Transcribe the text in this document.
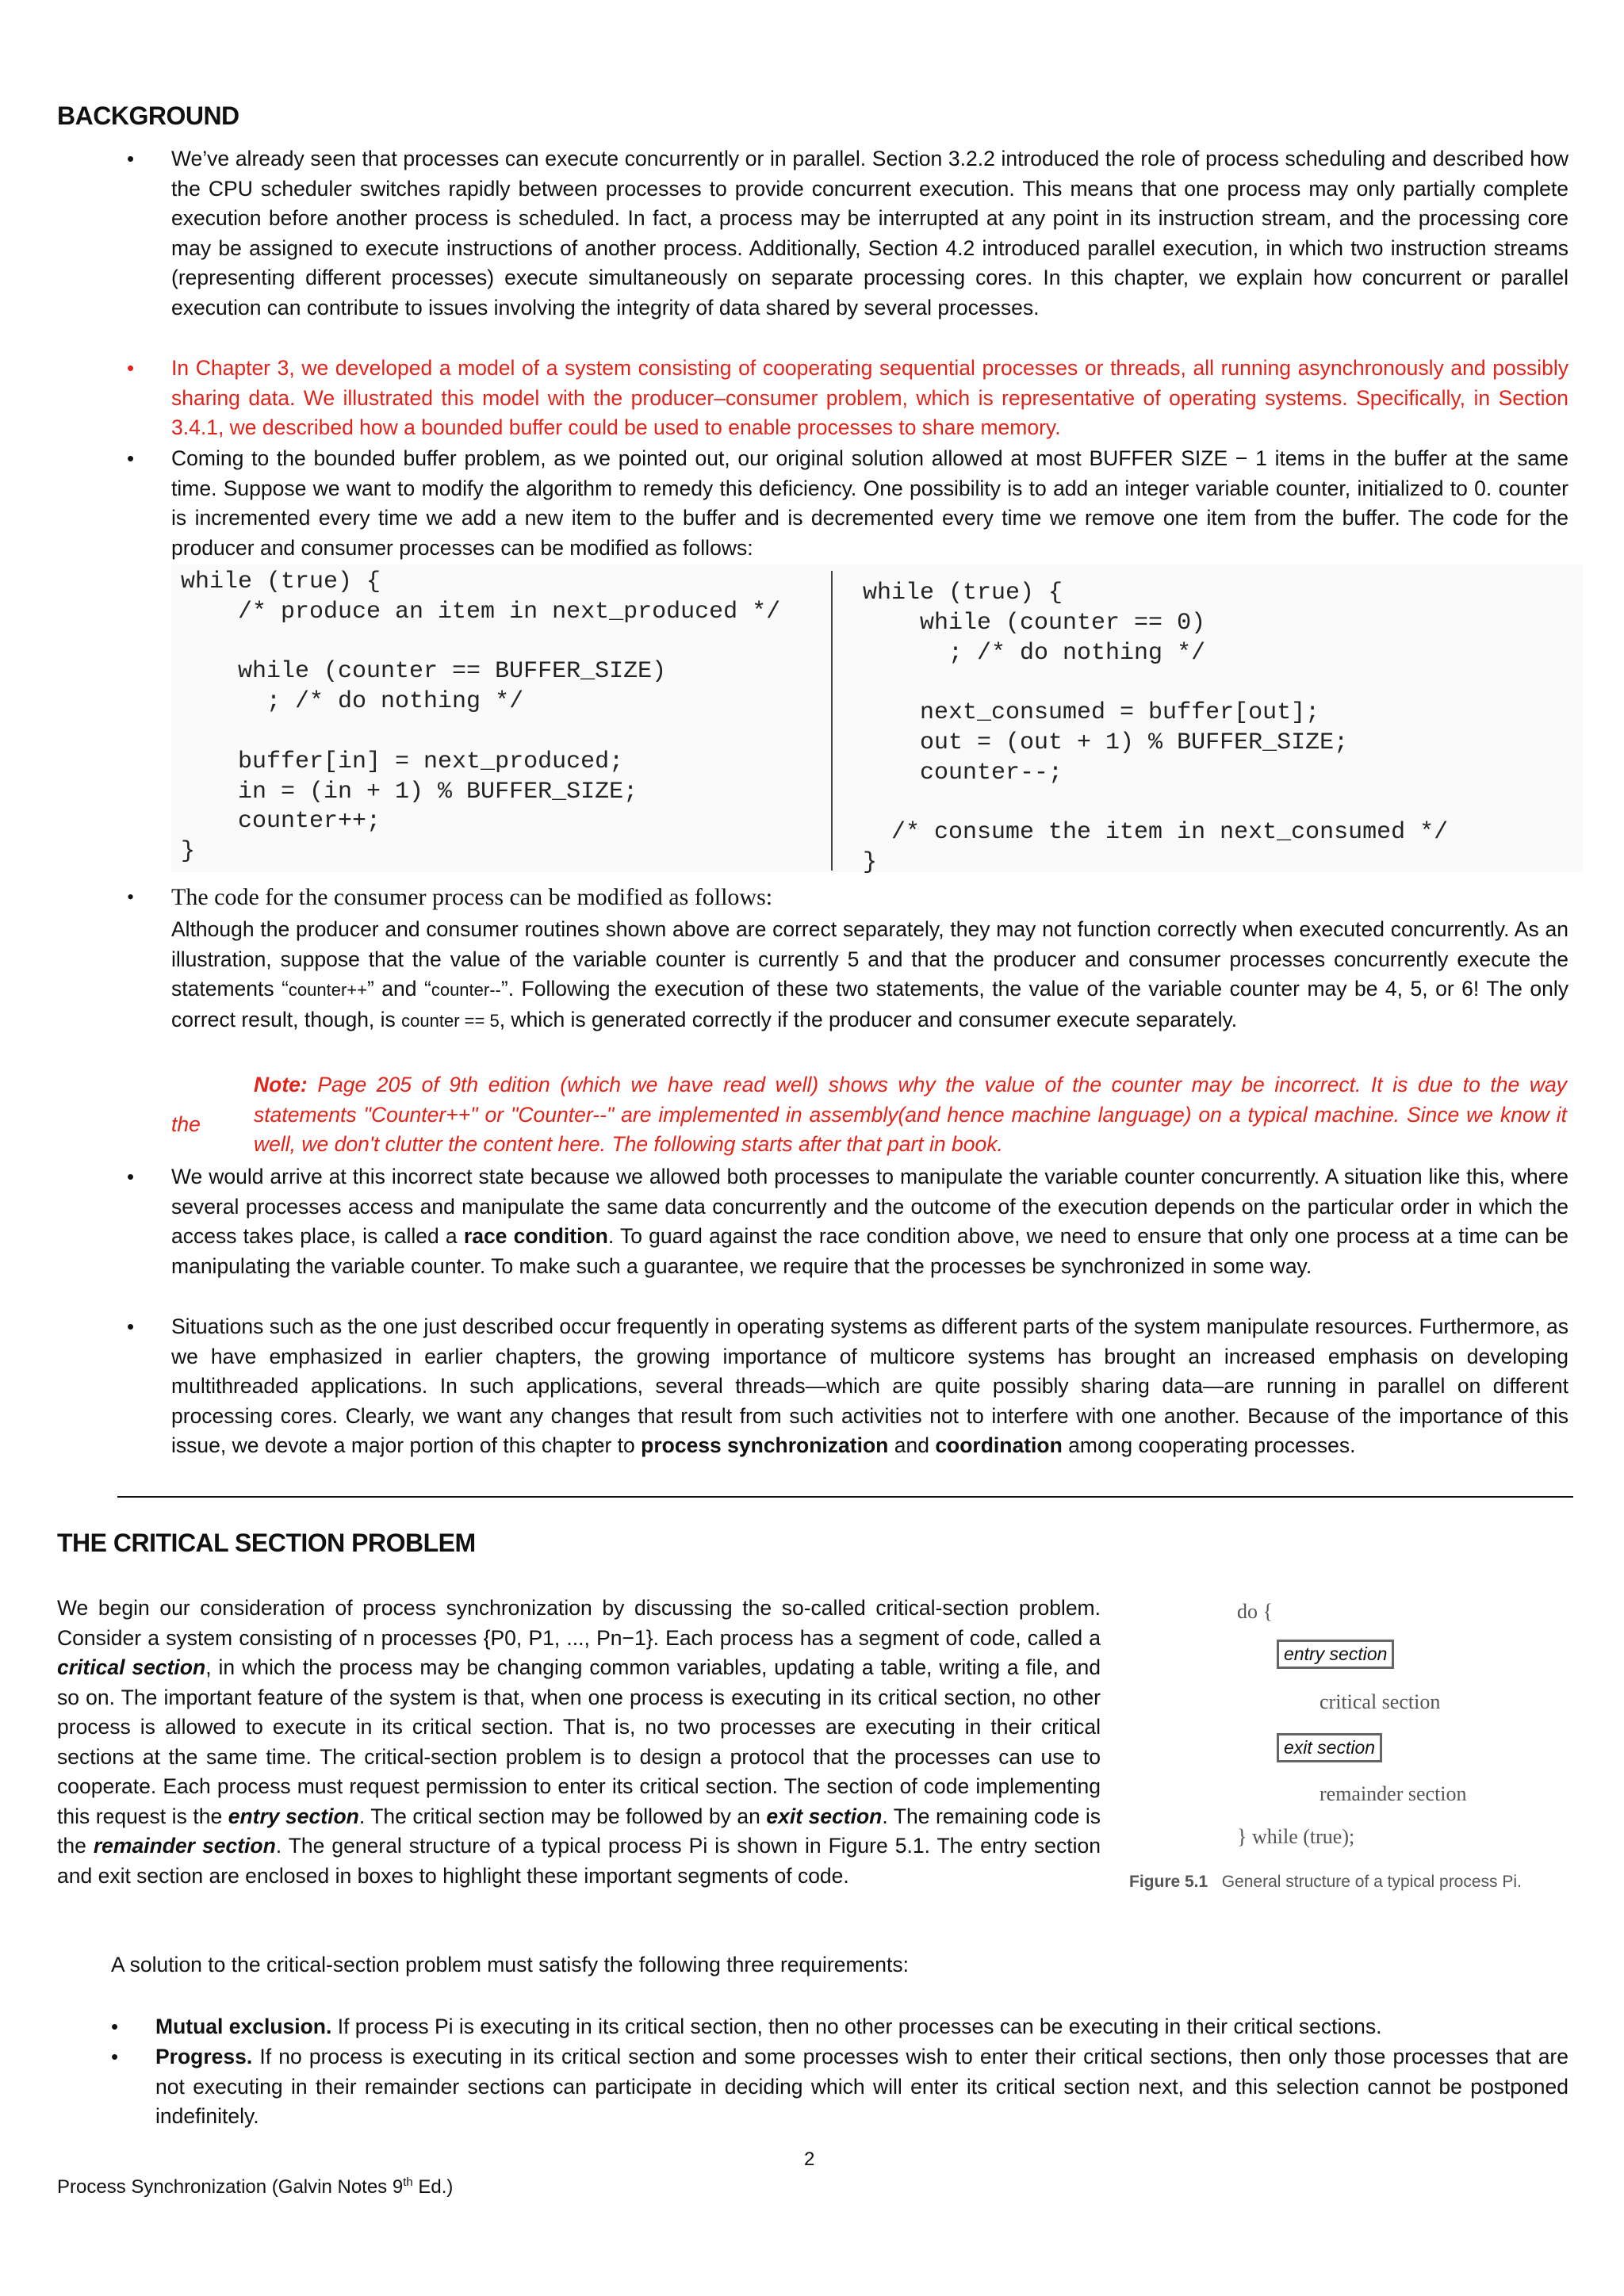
BACKGROUND

• We’ve already seen that processes can execute concurrently or in parallel. Section 3.2.2 introduced the role of process scheduling and described how the CPU scheduler switches rapidly between processes to provide concurrent execution. This means that one process may only partially complete execution before another process is scheduled. In fact, a process may be interrupted at any point in its instruction stream, and the processing core may be assigned to execute instructions of another process. Additionally, Section 4.2 introduced parallel execution, in which two instruction streams (representing different processes) execute simultaneously on separate processing cores. In this chapter, we explain how concurrent or parallel execution can contribute to issues involving the integrity of data shared by several processes.

• In Chapter 3, we developed a model of a system consisting of cooperating sequential processes or threads, all running asynchronously and possibly sharing data. We illustrated this model with the producer–consumer problem, which is representative of operating systems. Specifically, in Section 3.4.1, we described how a bounded buffer could be used to enable processes to share memory.

• Coming to the bounded buffer problem, as we pointed out, our original solution allowed at most BUFFER SIZE − 1 items in the buffer at the same time. Suppose we want to modify the algorithm to remedy this deficiency. One possibility is to add an integer variable counter, initialized to 0. counter is incremented every time we add a new item to the buffer and is decremented every time we remove one item from the buffer. The code for the producer and consumer processes can be modified as follows:

while (true) {
/* produce an item in next_produced */

while (counter == BUFFER_SIZE)
; /* do nothing */

buffer[in] = next_produced;
in = (in + 1) % BUFFER_SIZE;
counter++;
}
while (true) {
while (counter == 0)
; /* do nothing */

next_consumed = buffer[out];
out = (out + 1) % BUFFER_SIZE;
counter--;

/* consume the item in next_consumed */
}
• The code for the consumer process can be modified as follows:

Although the producer and consumer routines shown above are correct separately, they may not function correctly when executed concurrently. As an illustration, suppose that the value of the variable counter is currently 5 and that the producer and consumer processes concurrently execute the statements “counter++” and “counter--”. Following the execution of these two statements, the value of the variable counter may be 4, 5, or 6! The only correct result, though, is counter == 5, which is generated correctly if the producer and consumer execute separately.

the

Note: Page 205 of 9th edition (which we have read well) shows why the value of the counter may be incorrect. It is due to the way statements "Counter++" or "Counter--" are implemented in assembly(and hence machine language) on a typical machine. Since we know it well, we don't clutter the content here. The following starts after that part in book.

• We would arrive at this incorrect state because we allowed both processes to manipulate the variable counter concurrently. A situation like this, where several processes access and manipulate the same data concurrently and the outcome of the execution depends on the particular order in which the access takes place, is called a race condition. To guard against the race condition above, we need to ensure that only one process at a time can be manipulating the variable counter. To make such a guarantee, we require that the processes be synchronized in some way.

• Situations such as the one just described occur frequently in operating systems as different parts of the system manipulate resources. Furthermore, as we have emphasized in earlier chapters, the growing importance of multicore systems has brought an increased emphasis on developing multithreaded applications. In such applications, several threads—which are quite possibly sharing data—are running in parallel on different processing cores. Clearly, we want any changes that result from such activities not to interfere with one another. Because of the importance of this issue, we devote a major portion of this chapter to process synchronization and coordination among cooperating processes.

THE CRITICAL SECTION PROBLEM

We begin our consideration of process synchronization by discussing the so-called critical-section problem. Consider a system consisting of n processes {P0, P1, ..., Pn−1}. Each process has a segment of code, called a critical section, in which the process may be changing common variables, updating a table, writing a file, and so on. The important feature of the system is that, when one process is executing in its critical section, no other process is allowed to execute in its critical section. That is, no two processes are executing in their critical sections at the same time. The critical-section problem is to design a protocol that the processes can use to cooperate. Each process must request permission to enter its critical section. The section of code implementing this request is the entry section. The critical section may be followed by an exit section. The remaining code is the remainder section. The general structure of a typical process Pi is shown in Figure 5.1. The entry section and exit section are enclosed in boxes to highlight these important segments of code.

do {
entry section
critical section
exit section
remainder section
} while (true);
Figure 5.1 General structure of a typical process Pi.

A solution to the critical-section problem must satisfy the following three requirements:

• Mutual exclusion. If process Pi is executing in its critical section, then no other processes can be executing in their critical sections.

• Progress. If no process is executing in its critical section and some processes wish to enter their critical sections, then only those processes that are not executing in their remainder sections can participate in deciding which will enter its critical section next, and this selection cannot be postponed indefinitely.

2
Process Synchronization (Galvin Notes 9th Ed.)
